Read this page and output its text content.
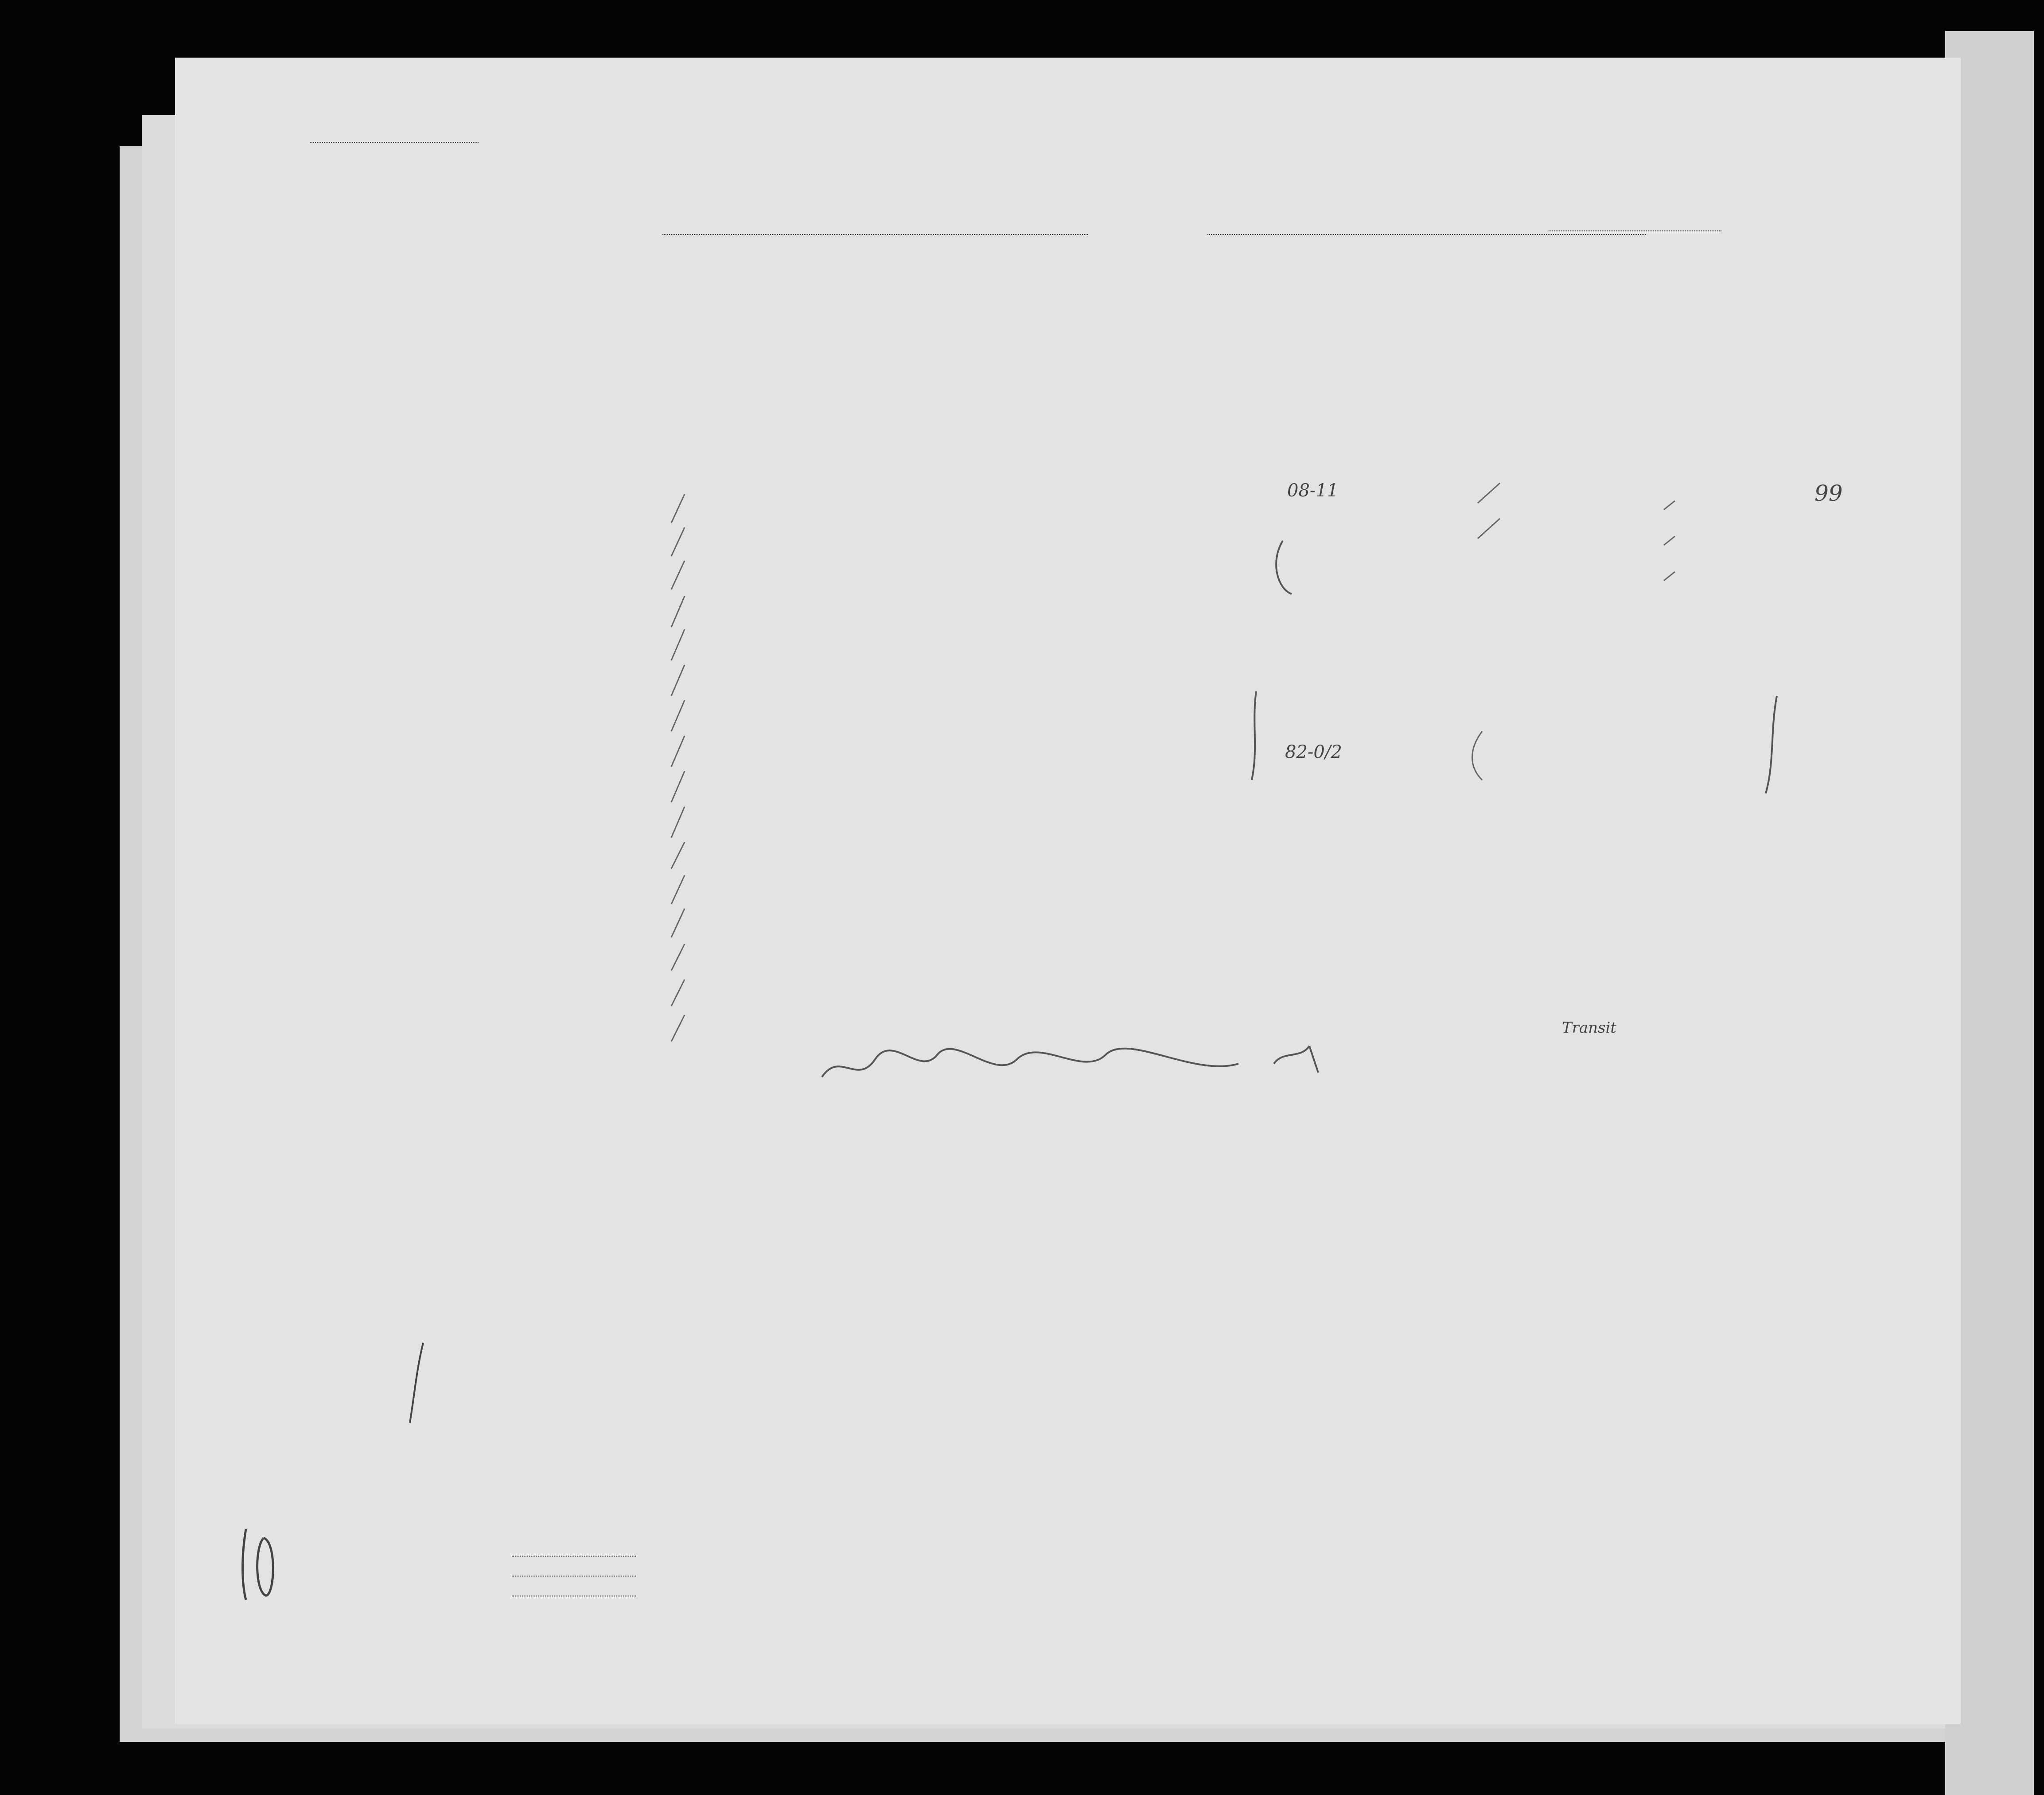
08-11
82-0/2
99
Transit
